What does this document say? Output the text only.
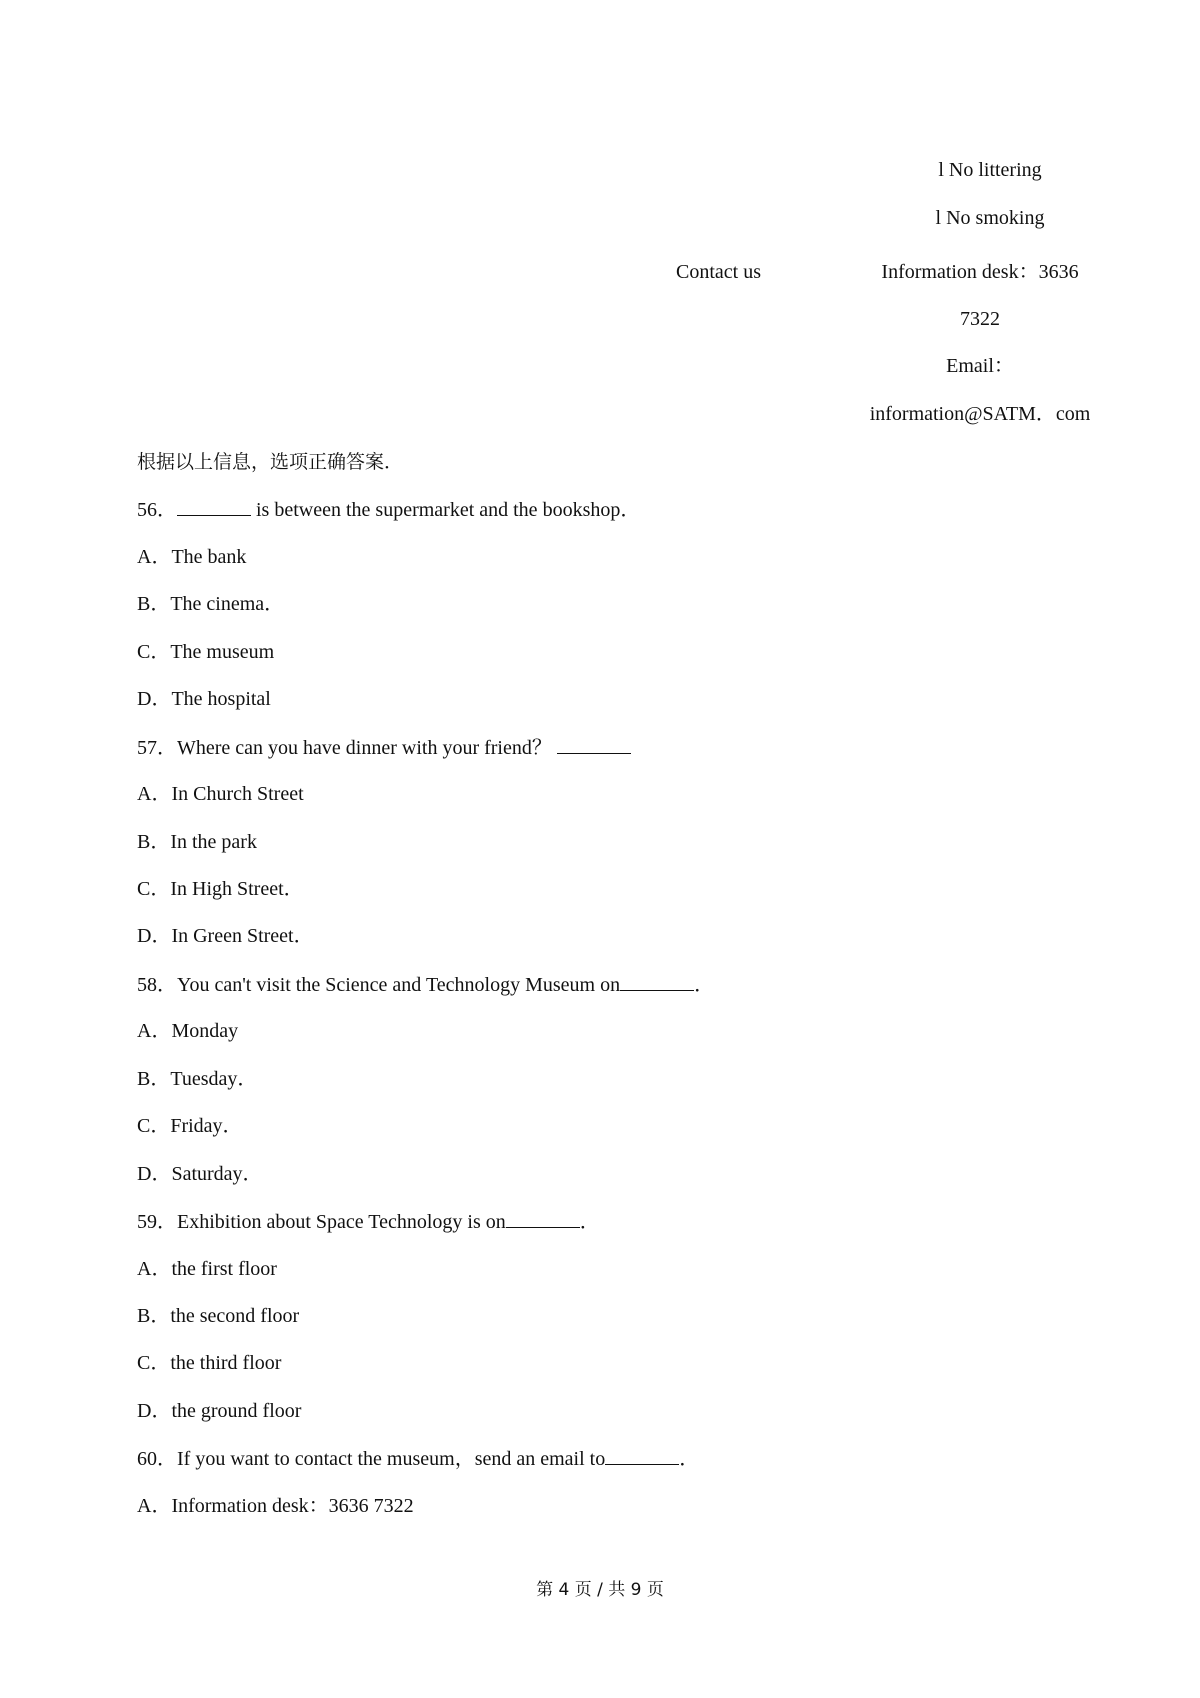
l No littering
l No smoking
Contact us	Information desk：3636
7322
Email：
information@SATM．com
根据以上信息，选项正确答案．
56．	is between the supermarket and the bookshop．
A．The bank
B．The cinema．
C．The museum
D．The hospital
57．Where can you have dinner with your friend？
A．In Church Street
B．In the park
C．In High Street．
D．In Green Street．
58．You can't visit the Science and Technology Museum on	．
A．Monday
B．Tuesday．
C．Friday．
D．Saturday．
59．Exhibition about Space Technology is on	．
A．the first floor
B．the second floor
C．the third floor
D．the ground floor
60．If you want to contact the museum，send an email to	．
A．Information desk：3636 7322
第 4 页 / 共 9 页
